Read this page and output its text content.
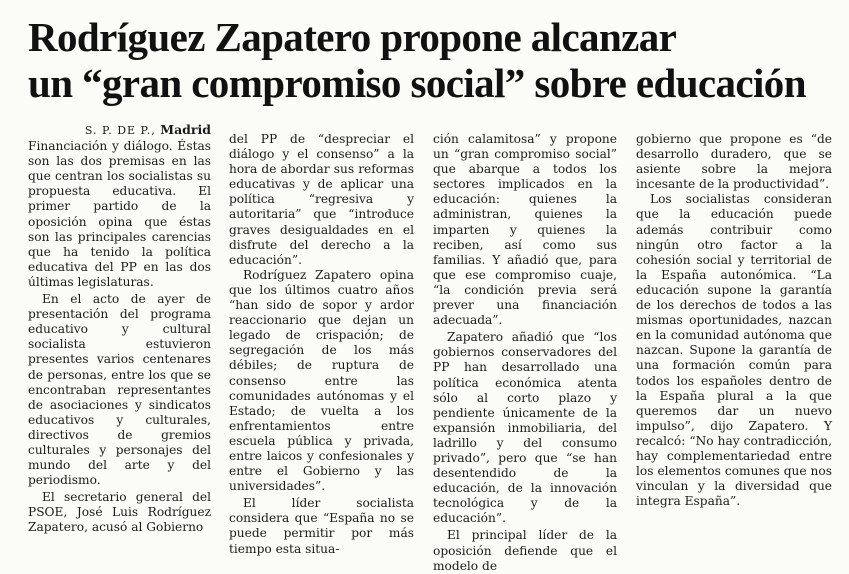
Rodríguez Zapatero propone alcanzar
un “gran compromiso social” sobre educación
S. P. DE P., Madrid

Financiación y diálogo. Éstas son las dos premisas en las que centran los socialistas su propuesta educativa. El primer partido de la oposición opina que éstas son las principales carencias que ha tenido la política educativa del PP en las dos últimas legislaturas.

En el acto de ayer de presentación del programa educativo y cultural socialista estuvieron presentes varios centenares de personas, entre los que se encontraban representantes de asociaciones y sindicatos educativos y culturales, directivos de gremios culturales y personajes del mundo del arte y del periodismo.

El secretario general del PSOE, José Luis Rodríguez Zapatero, acusó al Gobierno

del PP de “despreciar el diálogo y el consenso” a la hora de abordar sus reformas educativas y de aplicar una política “regresiva y autoritaria” que “introduce graves desigualdades en el disfrute del derecho a la educación”.

Rodríguez Zapatero opina que los últimos cuatro años “han sido de sopor y ardor reaccionario que dejan un legado de crispación; de segregación de los más débiles; de ruptura de consenso entre las comunidades autónomas y el Estado; de vuelta a los enfrentamientos entre escuela pública y privada, entre laicos y confesionales y entre el Gobierno y las universidades”.

El líder socialista considera que “España no se puede permitir por más tiempo esta situa-

ción calamitosa” y propone un “gran compromiso social” que abarque a todos los sectores implicados en la educación: quienes la administran, quienes la imparten y quienes la reciben, así como sus familias. Y añadió que, para que ese compromiso cuaje, “la condición previa será prever una financiación adecuada”.

Zapatero añadió que “los gobiernos conservadores del PP han desarrollado una política económica atenta sólo al corto plazo y pendiente únicamente de la expansión inmobiliaria, del ladrillo y del consumo privado”, pero que “se han desentendido de la educación, de la innovación tecnológica y de la educación”.

El principal líder de la oposición defiende que el modelo de

gobierno que propone es “de desarrollo duradero, que se asiente sobre la mejora incesante de la productividad”.

Los socialistas consideran que la educación puede además contribuir como ningún otro factor a la cohesión social y territorial de la España autonómica. “La educación supone la garantía de los derechos de todos a las mismas oportunidades, nazcan en la comunidad autónoma que nazcan. Supone la garantía de una formación común para todos los españoles dentro de la España plural a la que queremos dar un nuevo impulso”, dijo Zapatero. Y recalcó: “No hay contradicción, hay complementariedad entre los elementos comunes que nos vinculan y la diversidad que integra España”.
